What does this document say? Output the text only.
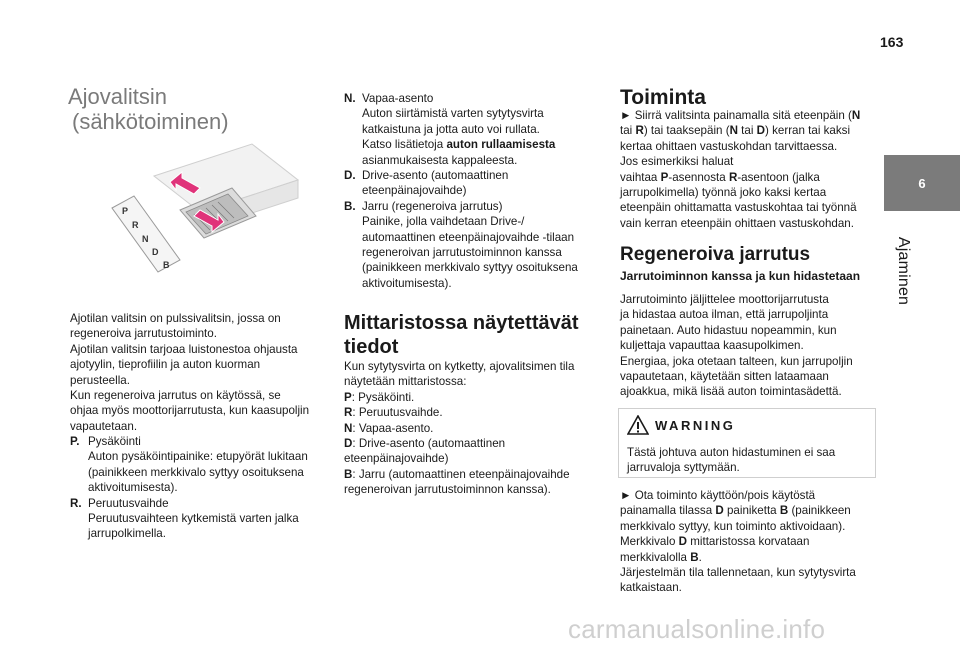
163
6
Ajaminen
Ajovalitsin
(sähkötoiminen)
P
R
N
D
B
Ajotilan valitsin on pulssivalitsin, jossa on
regeneroiva jarrutustoiminto.
Ajotilan valitsin tarjoaa luistonestoa ohjausta
ajotyylin, tieprofiilin ja auton kuorman
perusteella.
Kun regeneroiva jarrutus on käytössä, se
ohjaa myös moottorijarrutusta, kun kaasupoljin
vapautetaan.
P. Pysäköinti
Auton pysäköintipainike: etupyörät lukitaan
(painikkeen merkkivalo syttyy osoituksena
aktivoitumisesta).
R. Peruutusvaihde
Peruutusvaihteen kytkemistä varten jalka
jarrupolkimella.
N. Vapaa-asento
Auton siirtämistä varten sytytysvirta
katkaistuna ja jotta auto voi rullata.
Katso lisätietoja auton rullaamisesta
asianmukaisesta kappaleesta.
D. Drive-asento (automaattinen
eteenpäinajovaihde)
B. Jarru (regeneroiva jarrutus)
Painike, jolla vaihdetaan Drive-/
automaattinen eteenpäinajovaihde -tilaan
regeneroivan jarrutustoiminnon kanssa
(painikkeen merkkivalo syttyy osoituksena
aktivoitumisesta).
Mittaristossa näytettävät
tiedot
Kun sytytysvirta on kytketty, ajovalitsimen tila
näytetään mittaristossa:
P: Pysäköinti.
R: Peruutusvaihde.
N: Vapaa-asento.
D: Drive-asento (automaattinen
eteenpäinajovaihde)
B: Jarru (automaattinen eteenpäinajovaihde
regeneroivan jarrutustoiminnon kanssa).
Toiminta
► Siirrä valitsinta painamalla sitä eteenpäin (N
tai R) tai taaksepäin (N tai D) kerran tai kaksi
kertaa ohittaen vastuskohdan tarvittaessa.
Jos esimerkiksi haluat
vaihtaa P-asennosta R-asentoon (jalka
jarrupolkimella) työnnä joko kaksi kertaa
eteenpäin ohittamatta vastuskohtaa tai työnnä
vain kerran eteenpäin ohittaen vastuskohdan.
Regeneroiva jarrutus
Jarrutoiminnon kanssa ja kun hidastetaan
Jarrutoiminto jäljittelee moottorijarrutusta
ja hidastaa autoa ilman, että jarrupoljinta
painetaan. Auto hidastuu nopeammin, kun
kuljettaja vapauttaa kaasupolkimen.
Energiaa, joka otetaan talteen, kun jarrupoljin
vapautetaan, käytetään sitten lataamaan
ajoakkua, mikä lisää auton toimintasädettä.
► Ota toiminto käyttöön/pois käytöstä
painamalla tilassa D painiketta B (painikkeen
merkkivalo syttyy, kun toiminto aktivoidaan).
Merkkivalo D mittaristossa korvataan
merkkivalolla B.
Järjestelmän tila tallennetaan, kun sytytysvirta
katkaistaan.
WARNING
Tästä johtuva auton hidastuminen ei saa
jarruvaloja syttymään.
carmanualsonline.info
